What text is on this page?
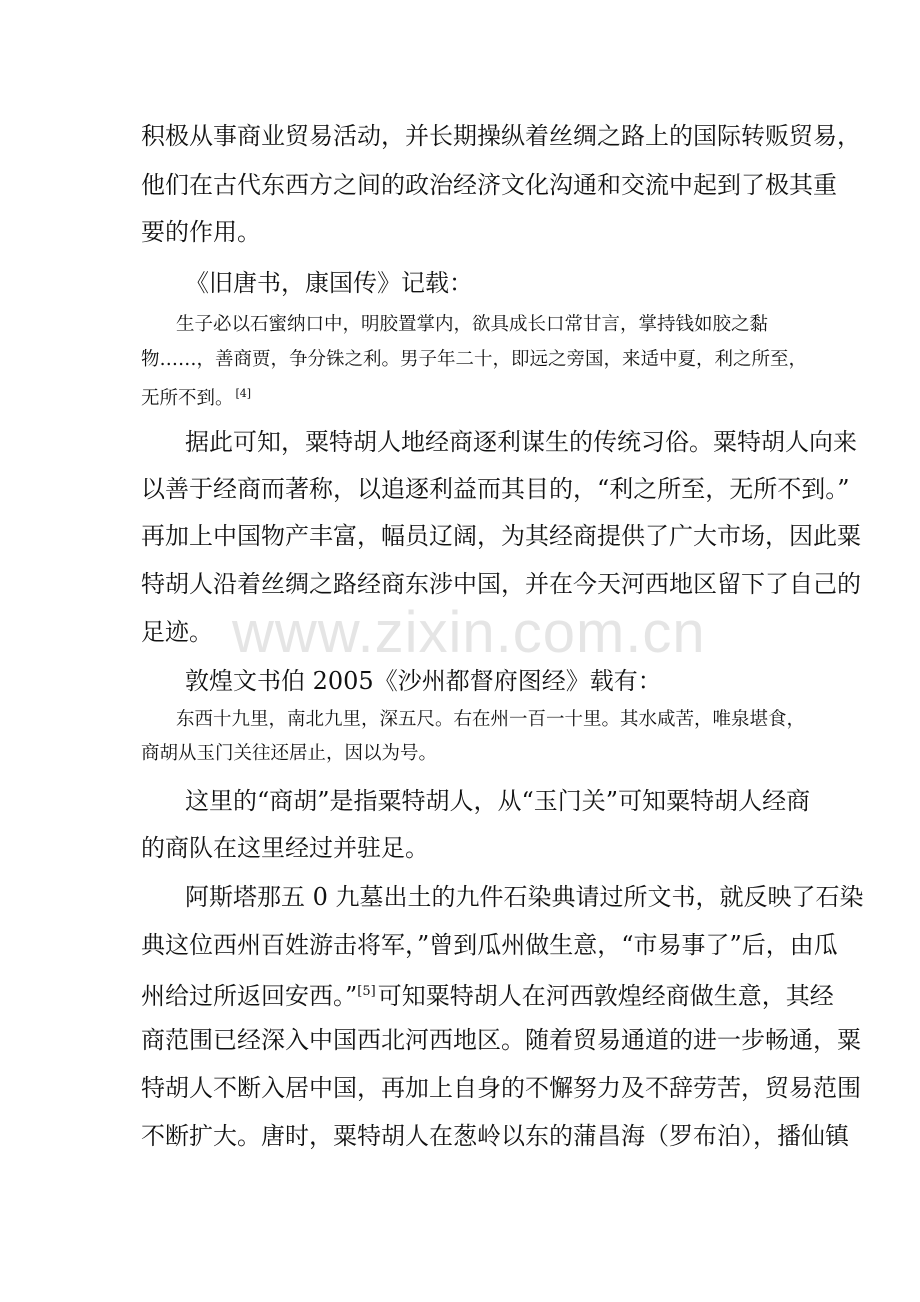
积极从事商业贸易活动，并长期操纵着丝绸之路上的国际转贩贸易，
他们在古代东西方之间的政治经济文化沟通和交流中起到了极其重
要的作用。
《旧唐书，康国传》记载：
生子必以石蜜纳口中，明胶置掌内，欲具成长口常甘言，掌持钱如胶之黏
物……，善商贾，争分铢之利。男子年二十，即远之旁国，来适中夏，利之所至，
无所不到。 [4]
据此可知，粟特胡人地经商逐利谋生的传统习俗。粟特胡人向来
以善于经商而著称，以追逐利益而其目的，“利之所至，无所不到。”
再加上中国物产丰富，幅员辽阔，为其经商提供了广大市场，因此粟
特胡人沿着丝绸之路经商东涉中国，并在今天河西地区留下了自己的
足迹。
敦煌文书伯 2005《沙州都督府图经》载有：
东西十九里，南北九里，深五尺。右在州一百一十里。其水咸苦，唯泉堪食，
商胡从玉门关往还居止，因以为号。
这里的“商胡”是指粟特胡人，从“玉门关”可知粟特胡人经商
的商队在这里经过并驻足。
阿斯塔那五 0 九墓出土的九件石染典请过所文书，就反映了石染
典这位西州百姓游击将军，”曾到瓜州做生意，“市易事了”后，由瓜
州给过所返回安西。”[5]可知粟特胡人在河西敦煌经商做生意，其经
商范围已经深入中国西北河西地区。随着贸易通道的进一步畅通，粟
特胡人不断入居中国，再加上自身的不懈努力及不辞劳苦，贸易范围
不断扩大。唐时，粟特胡人在葱岭以东的蒲昌海（罗布泊），播仙镇
www.zixin.com.cn
